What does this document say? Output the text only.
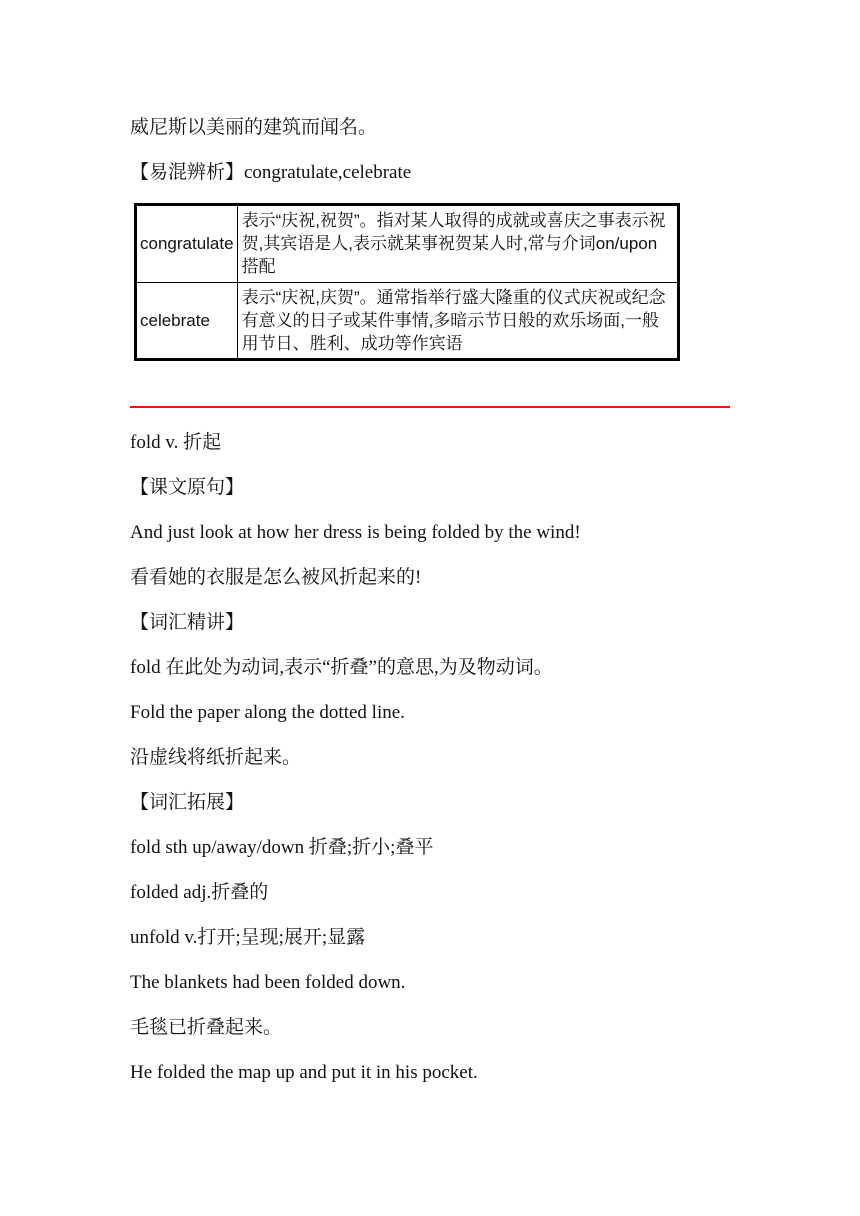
威尼斯以美丽的建筑而闻名。
【易混辨析】congratulate,celebrate
congratulate	表示“庆祝,祝贺”。指对某人取得的成就或喜庆之事表示祝贺,其宾语是人,表示就某事祝贺某人时,常与介词on/upon 搭配
celebrate	表示“庆祝,庆贺”。通常指举行盛大隆重的仪式庆祝或纪念有意义的日子或某件事情,多暗示节日般的欢乐场面,一般用节日、胜利、成功等作宾语
fold v. 折起
【课文原句】
And just look at how her dress is being folded by the wind!
看看她的衣服是怎么被风折起来的!
【词汇精讲】
fold 在此处为动词,表示“折叠”的意思,为及物动词。
Fold the paper along the dotted line.
沿虚线将纸折起来。
【词汇拓展】
fold sth up/away/down 折叠;折小;叠平
folded adj.折叠的
unfold v.打开;呈现;展开;显露
The blankets had been folded down.
毛毯已折叠起来。
He folded the map up and put it in his pocket.
